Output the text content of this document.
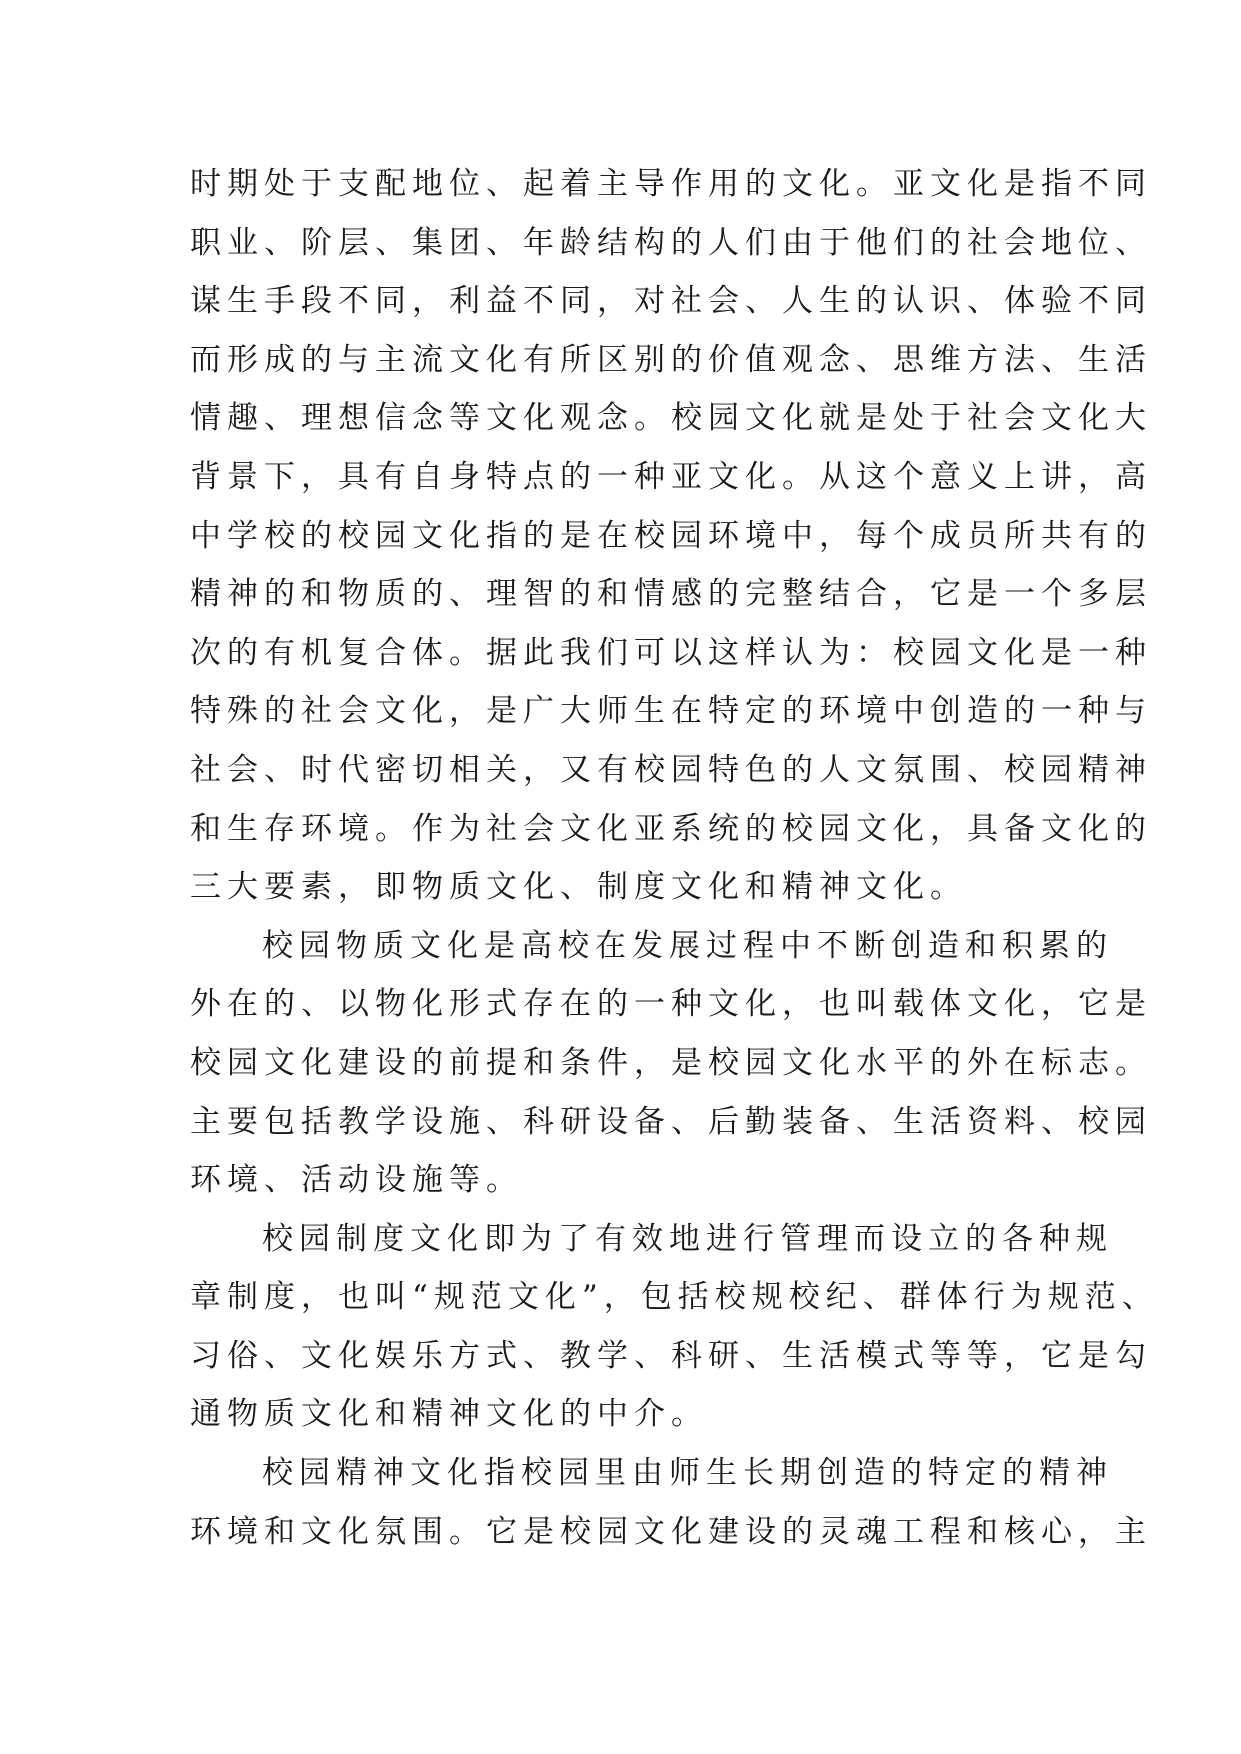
时期处于支配地位、起着主导作用的文化。亚文化是指不同
职业、阶层、集团、年龄结构的人们由于他们的社会地位、
谋生手段不同，利益不同，对社会、人生的认识、体验不同
而形成的与主流文化有所区别的价值观念、思维方法、生活
情趣、理想信念等文化观念。校园文化就是处于社会文化大
背景下，具有自身特点的一种亚文化。从这个意义上讲，高
中学校的校园文化指的是在校园环境中，每个成员所共有的
精神的和物质的、理智的和情感的完整结合，它是一个多层
次的有机复合体。据此我们可以这样认为：校园文化是一种
特殊的社会文化，是广大师生在特定的环境中创造的一种与
社会、时代密切相关，又有校园特色的人文氛围、校园精神
和生存环境。作为社会文化亚系统的校园文化，具备文化的
三大要素，即物质文化、制度文化和精神文化。
校园物质文化是高校在发展过程中不断创造和积累的
外在的、以物化形式存在的一种文化，也叫载体文化，它是
校园文化建设的前提和条件，是校园文化水平的外在标志。
主要包括教学设施、科研设备、后勤装备、生活资料、校园
环境、活动设施等。
校园制度文化即为了有效地进行管理而设立的各种规
章制度，也叫“规范文化”，包括校规校纪、群体行为规范、
习俗、文化娱乐方式、教学、科研、生活模式等等，它是勾
通物质文化和精神文化的中介。
校园精神文化指校园里由师生长期创造的特定的精神
环境和文化氛围。它是校园文化建设的灵魂工程和核心，主
